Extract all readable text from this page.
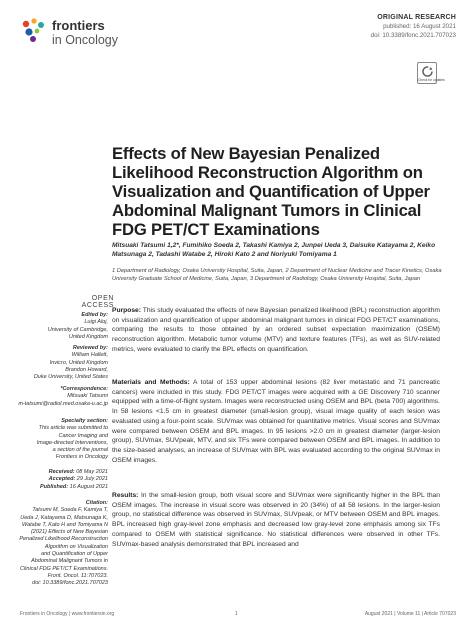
frontiers
in Oncology
ORIGINAL RESEARCH
published: 16 August 2021
doi: 10.3389/fonc.2021.707023
Check for updates
Effects of New Bayesian Penalized Likelihood Reconstruction Algorithm on Visualization and Quantification of Upper Abdominal Malignant Tumors in Clinical FDG PET/CT Examinations
Mitsuaki Tatsumi 1,2*, Fumihiko Soeda 2, Takashi Kamiya 2, Junpei Ueda 3, Daisuke Katayama 2, Keiko Matsunaga 2, Tadashi Watabe 2, Hiroki Kato 2 and Noriyuki Tomiyama 1
1 Department of Radiology, Osaka University Hospital, Suita, Japan, 2 Department of Nuclear Medicine and Tracer Kinetics, Osaka University Graduate School of Medicine, Suita, Japan, 3 Department of Radiology, Osaka University Hospital, Suita, Japan
OPEN ACCESS
Edited by:
Luigi Aloj,
University of Cambridge,
United Kingdom
Reviewed by:
William Hallett,
Invicro, United Kingdom
Brandon Howard,
Duke University, United States
*Correspondence:
Mitsuaki Tatsumi
m-tatsumi@radiol.med.osaka-u.ac.jp
Specialty section:
This article was submitted to
Cancer Imaging and
Image-directed Interventions,
a section of the journal
Frontiers in Oncology
Received: 08 May 2021
Accepted: 29 July 2021
Published: 16 August 2021
Citation:
Tatsumi M, Soeda F, Kamiya T,
Ueda J, Katayama D, Matsunaga K,
Watabe T, Kato H and Tomiyama N
(2021) Effects of New Bayesian
Penalized Likelihood Reconstruction
Algorithm on Visualization
and Quantification of Upper
Abdominal Malignant Tumors in
Clinical FDG PET/CT Examinations.
Front. Oncol. 11:707023.
doi: 10.3389/fonc.2021.707023
Purpose: This study evaluated the effects of new Bayesian penalized likelihood (BPL) reconstruction algorithm on visualization and quantification of upper abdominal malignant tumors in clinical FDG PET/CT examinations, comparing the results to those obtained by an ordered subset expectation maximization (OSEM) reconstruction algorithm. Metabolic tumor volume (MTV) and texture features (TFs), as well as SUV-related metrics, were evaluated to clarify the BPL effects on quantification.
Materials and Methods: A total of 153 upper abdominal lesions (82 liver metastatic and 71 pancreatic cancers) were included in this study. FDG PET/CT images were acquired with a GE Discovery 710 scanner equipped with a time-of-flight system. Images were reconstructed using OSEM and BPL (beta 700) algorithms. In 58 lesions <1.5 cm in greatest diameter (small-lesion group), visual image quality of each lesion was evaluated using a four-point scale. SUVmax was obtained for quantitative metrics. Visual scores and SUVmax were compared between OSEM and BPL images. In 95 lesions >2.0 cm in greatest diameter (larger-lesion group), SUVmax, SUVpeak, MTV, and six TFs were compared between OSEM and BPL images. In addition to the size-based analyses, an increase of SUVmax with BPL was evaluated according to the original SUVmax in OSEM images.
Results: In the small-lesion group, both visual score and SUVmax were significantly higher in the BPL than OSEM images. The increase in visual score was observed in 20 (34%) of all 58 lesions. In the larger-lesion group, no statistical difference was observed in SUVmax, SUVpeak, or MTV between OSEM and BPL images. BPL increased high gray-level zone emphasis and decreased low gray-level zone emphasis among six TFs compared to OSEM with statistical significance. No statistical differences were observed in other TFs. SUVmax-based analysis demonstrated that BPL increased and
Frontiers in Oncology | www.frontiersin.org	1	August 2021 | Volume 11 | Article 707023
